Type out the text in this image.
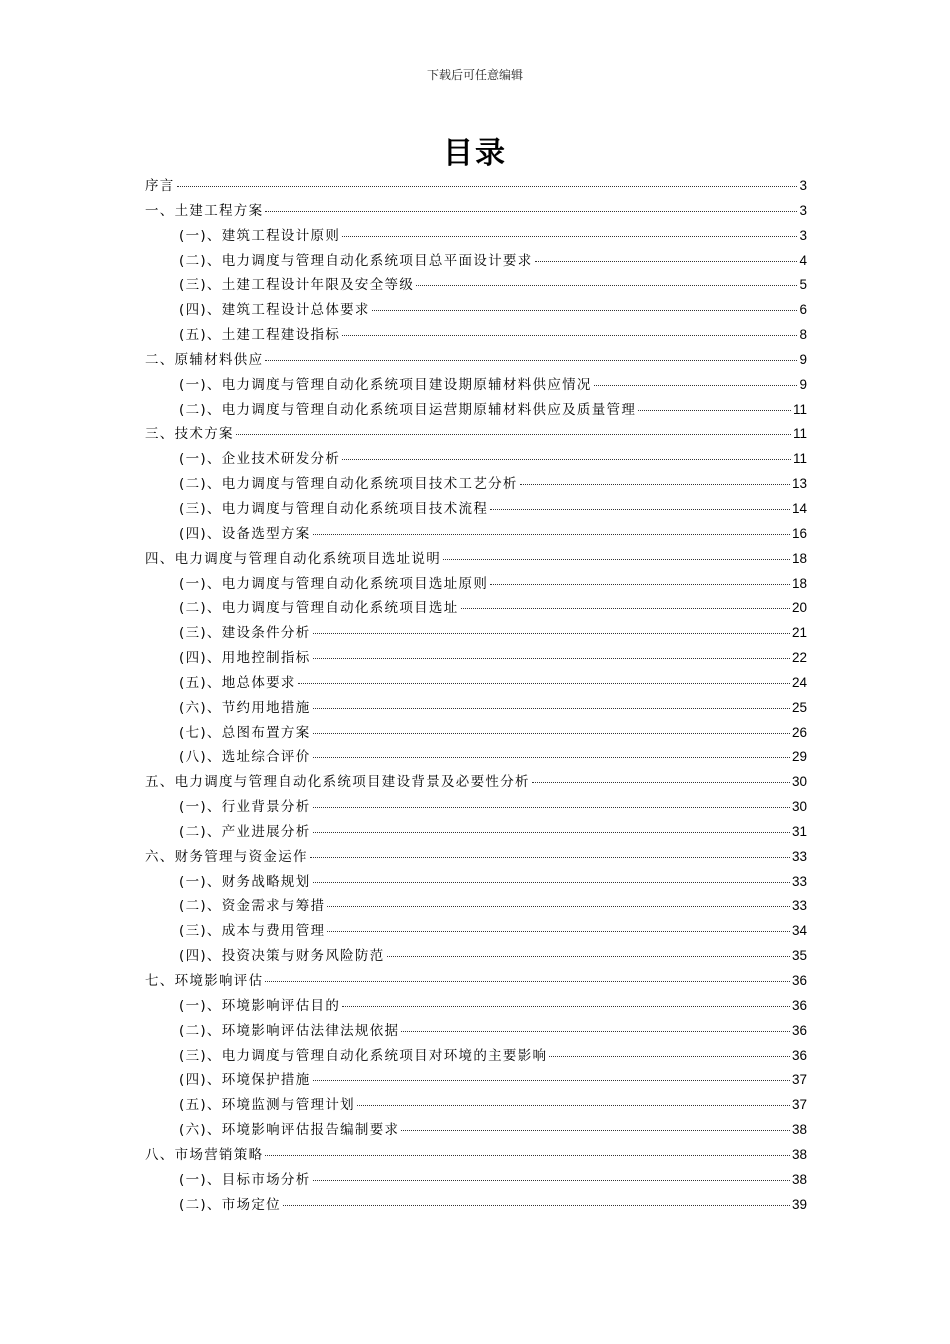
下载后可任意编辑
目录
序言	3
一、土建工程方案	3
(一)、建筑工程设计原则	3
(二)、电力调度与管理自动化系统项目总平面设计要求	4
(三)、土建工程设计年限及安全等级	5
(四)、建筑工程设计总体要求	6
(五)、土建工程建设指标	8
二、原辅材料供应	9
(一)、电力调度与管理自动化系统项目建设期原辅材料供应情况	9
(二)、电力调度与管理自动化系统项目运营期原辅材料供应及质量管理	11
三、技术方案	11
(一)、企业技术研发分析	11
(二)、电力调度与管理自动化系统项目技术工艺分析	13
(三)、电力调度与管理自动化系统项目技术流程	14
(四)、设备选型方案	16
四、电力调度与管理自动化系统项目选址说明	18
(一)、电力调度与管理自动化系统项目选址原则	18
(二)、电力调度与管理自动化系统项目选址	20
(三)、建设条件分析	21
(四)、用地控制指标	22
(五)、地总体要求	24
(六)、节约用地措施	25
(七)、总图布置方案	26
(八)、选址综合评价	29
五、电力调度与管理自动化系统项目建设背景及必要性分析	30
(一)、行业背景分析	30
(二)、产业进展分析	31
六、财务管理与资金运作	33
(一)、财务战略规划	33
(二)、资金需求与筹措	33
(三)、成本与费用管理	34
(四)、投资决策与财务风险防范	35
七、环境影响评估	36
(一)、环境影响评估目的	36
(二)、环境影响评估法律法规依据	36
(三)、电力调度与管理自动化系统项目对环境的主要影响	36
(四)、环境保护措施	37
(五)、环境监测与管理计划	37
(六)、环境影响评估报告编制要求	38
八、市场营销策略	38
(一)、目标市场分析	38
(二)、市场定位	39
